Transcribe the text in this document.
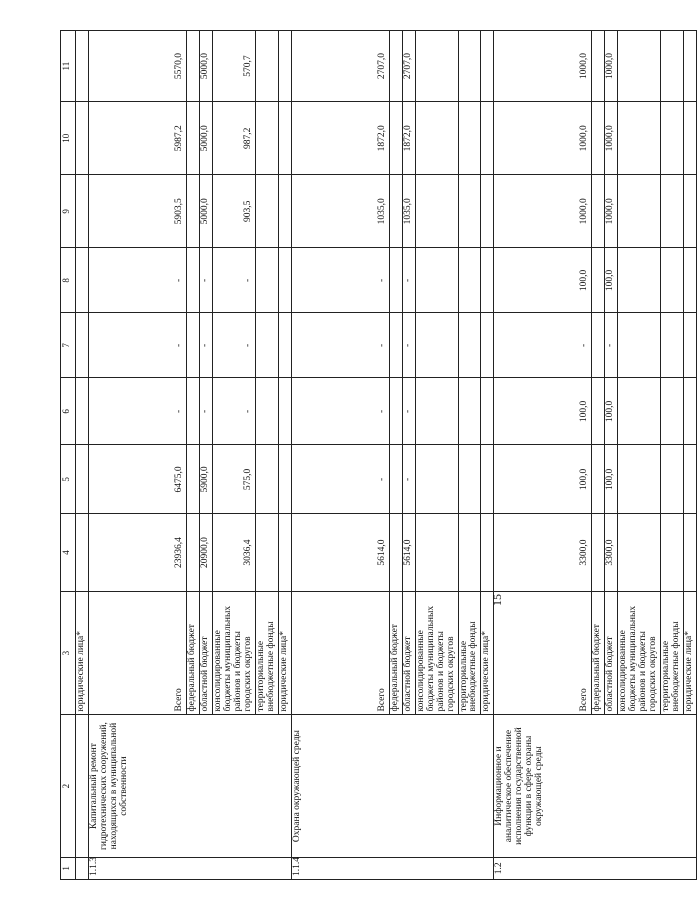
1	2	3	4	5	6	7	8	9	10	11
		юридические лица*								
1.1.3	Капитальный ремонт гидротехнических сооружений, находящихся в муниципальной собственности	Всего	23936,4	6475,0	-	-	-	5903,5	5987,2	5570,0
		федеральный бюджет								
		областной бюджет	20900,0	5900,0	-	-	-	5000,0	5000,0	5000,0
		консолидированные бюджеты муниципальных районов и бюджеты городских округов	3036,4	575,0	-	-	-	903,5	987,2	570,7
		территориальные внебюджетные фонды								
		юридические лица*								
1.1.4	Охрана окружающей среды	Всего	5614,0	-	-	-	-	1035,0	1872,0	2707,0
		федеральный бюджет								
		областной бюджет	5614,0	-	-	-	-	1035,0	1872,0	2707,0
		консолидированные бюджеты муниципальных районов и бюджеты городских округов								
		территориальные внебюджетные фонды								
		юридические лица*								
1.2	Информационное и аналитическое обеспечение исполнения государственной функции в сфере охраны окружающей среды	Всего	3300,0	100,0	100,0	-	100,0	1000,0	1000,0	1000,0
		федеральный бюджет								
		областной бюджет	3300,0	100,0	100,0	-	100,0	1000,0	1000,0	1000,0
		консолидированные бюджеты муниципальных районов и бюджеты городских округов								
		территориальные внебюджетные фонды								
		юридические лица*								
15
